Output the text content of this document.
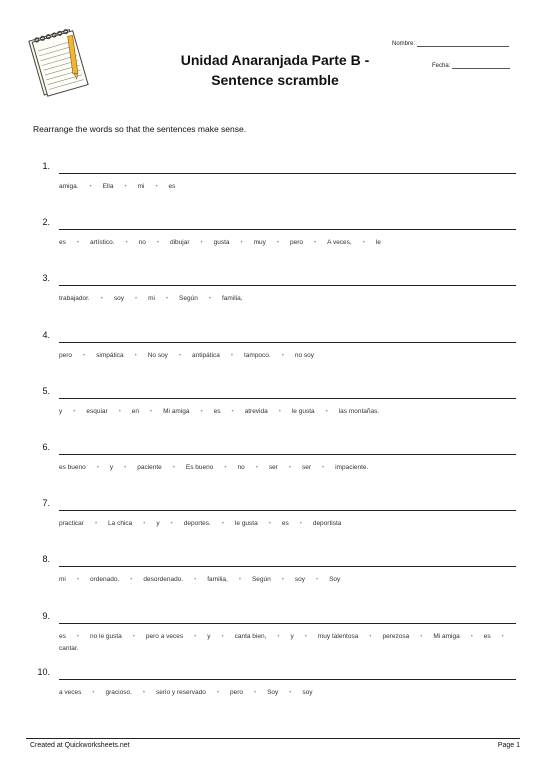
Unidad Anaranjada Parte B -
Sentence scramble
Nombre:
Fecha:
Rearrange the words so that the sentences make sense.
1.
amiga. • Ella • mi • es
2.
es • artístico. • no • dibujar • gusta • muy • pero • A veces, • le
3.
trabajador. • soy • mi • Según • familia,
4.
pero • simpática • No soy • antipática • tampoco. • no soy
5.
y • esquiar • en • Mi amiga • es • atrevida • le gusta • las montañas.
6.
es bueno • y • paciente • Es bueno • no • ser • ser • impaciente.
7.
practicar • La chica • y • deportes. • le gusta • es • deportista
8.
mi • ordenado. • desordenado. • familia, • Según • soy • Soy
9.
es • no le gusta • pero a veces • y • canta bien, • y • muy talentosa • perezosa • Mi amiga • es •
cantar.
10.
a veces • gracioso. • serio y reservado • pero • Soy • soy
Created at Quickworksheets.net	Page 1
